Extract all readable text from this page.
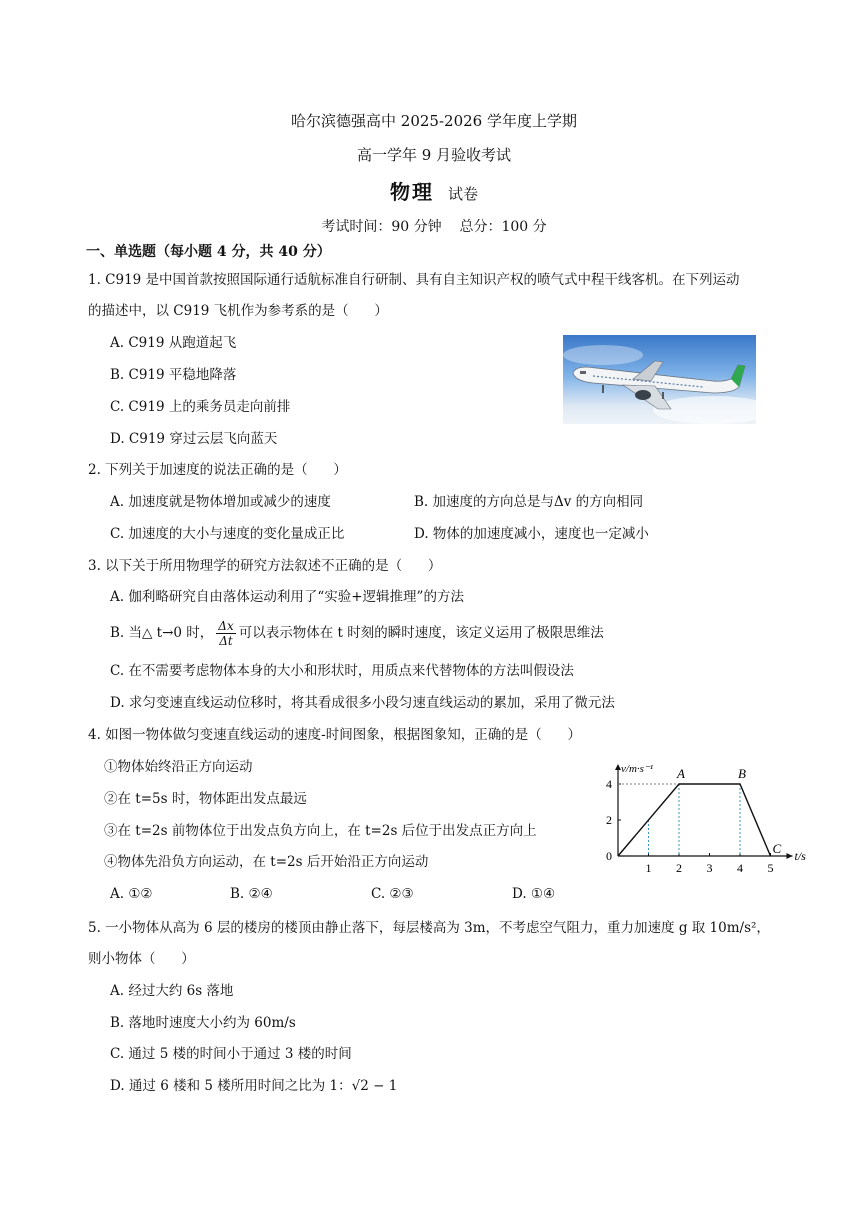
哈尔滨德强高中 2025-2026 学年度上学期
高一学年 9 月验收考试
物理 试卷
考试时间：90 分钟    总分：100 分
一、单选题（每小题 4 分，共 40 分）
1. C919 是中国首款按照国际通行适航标准自行研制、具有自主知识产权的喷气式中程干线客机。在下列运动
的描述中，以 C919 飞机作为参考系的是（      ）
A. C919 从跑道起飞
B. C919 平稳地降落
C. C919 上的乘务员走向前排
D. C919 穿过云层飞向蓝天
2. 下列关于加速度的说法正确的是（      ）
A. 加速度就是物体增加或减少的速度	B. 加速度的方向总是与Δv 的方向相同
C. 加速度的大小与速度的变化量成正比	D. 物体的加速度减小，速度也一定减小
3. 以下关于所用物理学的研究方法叙述不正确的是（      ）
A. 伽利略研究自由落体运动利用了“实验+逻辑推理”的方法
B. 当△ t→0 时， $\frac{\Delta x}{\Delta t}$ 可以表示物体在 t 时刻的瞬时速度，该定义运用了极限思维法
C. 在不需要考虑物体本身的大小和形状时，用质点来代替物体的方法叫假设法
D. 求匀变速直线运动位移时，将其看成很多小段匀速直线运动的累加，采用了微元法
4. 如图一物体做匀变速直线运动的速度-时间图象，根据图象知，正确的是（      ）
①物体始终沿正方向运动
②在 t=5s 时，物体距出发点最远
③在 t=2s 前物体位于出发点负方向上，在 t=2s 后位于出发点正方向上
④物体先沿负方向运动，在 t=2s 后开始沿正方向运动
A. ①②	B. ②④	C. ②③	D. ①④
v/m·s⁻¹
t/s
0
2
4
1 2 3 4 5
A	B
C
5. 一小物体从高为 6 层的楼房的楼顶由静止落下，每层楼高为 3m，不考虑空气阻力，重力加速度 g 取 10m/s²，
则小物体（      ）
A. 经过大约 6s 落地
B. 落地时速度大小约为 60m/s
C. 通过 5 楼的时间小于通过 3 楼的时间
D. 通过 6 楼和 5 楼所用时间之比为 1：√2 − 1
